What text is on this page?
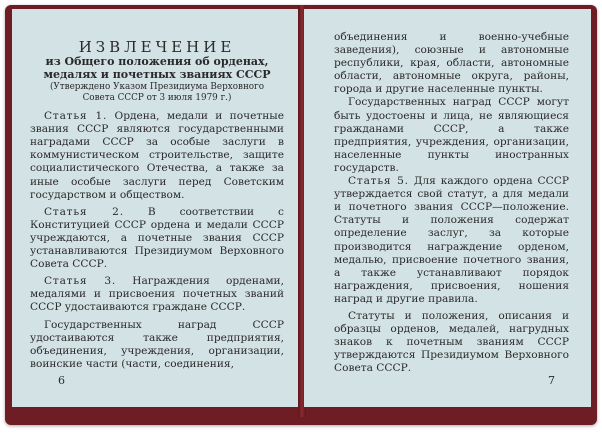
ИЗВЛЕЧЕНИЕ
из Общего положения об орденах,
медалях и почетных званиях СССР
(Утверждено Указом Президиума Верховного
Совета СССР от 3 июля 1979 г.)

Статья 1. Ордена, медали и почетные звания СССР являются государственными наградами СССР за особые заслуги в коммунистическом строительстве, защите социалистического Отечества, а также за иные особые заслуги перед Советским государством и обществом.

Статья 2. В соответствии с Конституцией СССР ордена и медали СССР учреждаются, а почетные звания СССР устанавливаются Президиумом Верховного Совета СССР.

Статья 3. Награждения орденами, медалями и присвоения почетных званий СССР удостаиваются граждане СССР.

Государственных наград СССР удостаиваются также предприятия, объединения, учреждения, организации, воинские части (части, соединения,

6

объединения и военно-учебные заведения), союзные и автономные республики, края, области, автономные области, автономные округа, районы, города и другие населенные пункты.

Государственных наград СССР могут быть удостоены и лица, не являющиеся гражданами СССР, а также предприятия, учреждения, организации, населенные пункты иностранных государств.

Статья 5. Для каждого ордена СССР утверждается свой статут, а для медали и почетного звания СССР—положение. Статуты и положения содержат определение заслуг, за которые производится награждение орденом, медалью, присвоение почетного звания, а также устанавливают порядок награждения, присвоения, ношения наград и другие правила.

Статуты и положения, описания и образцы орденов, медалей, нагрудных знаков к почетным званиям СССР утверждаются Президиумом Верховного Совета СССР.

7
